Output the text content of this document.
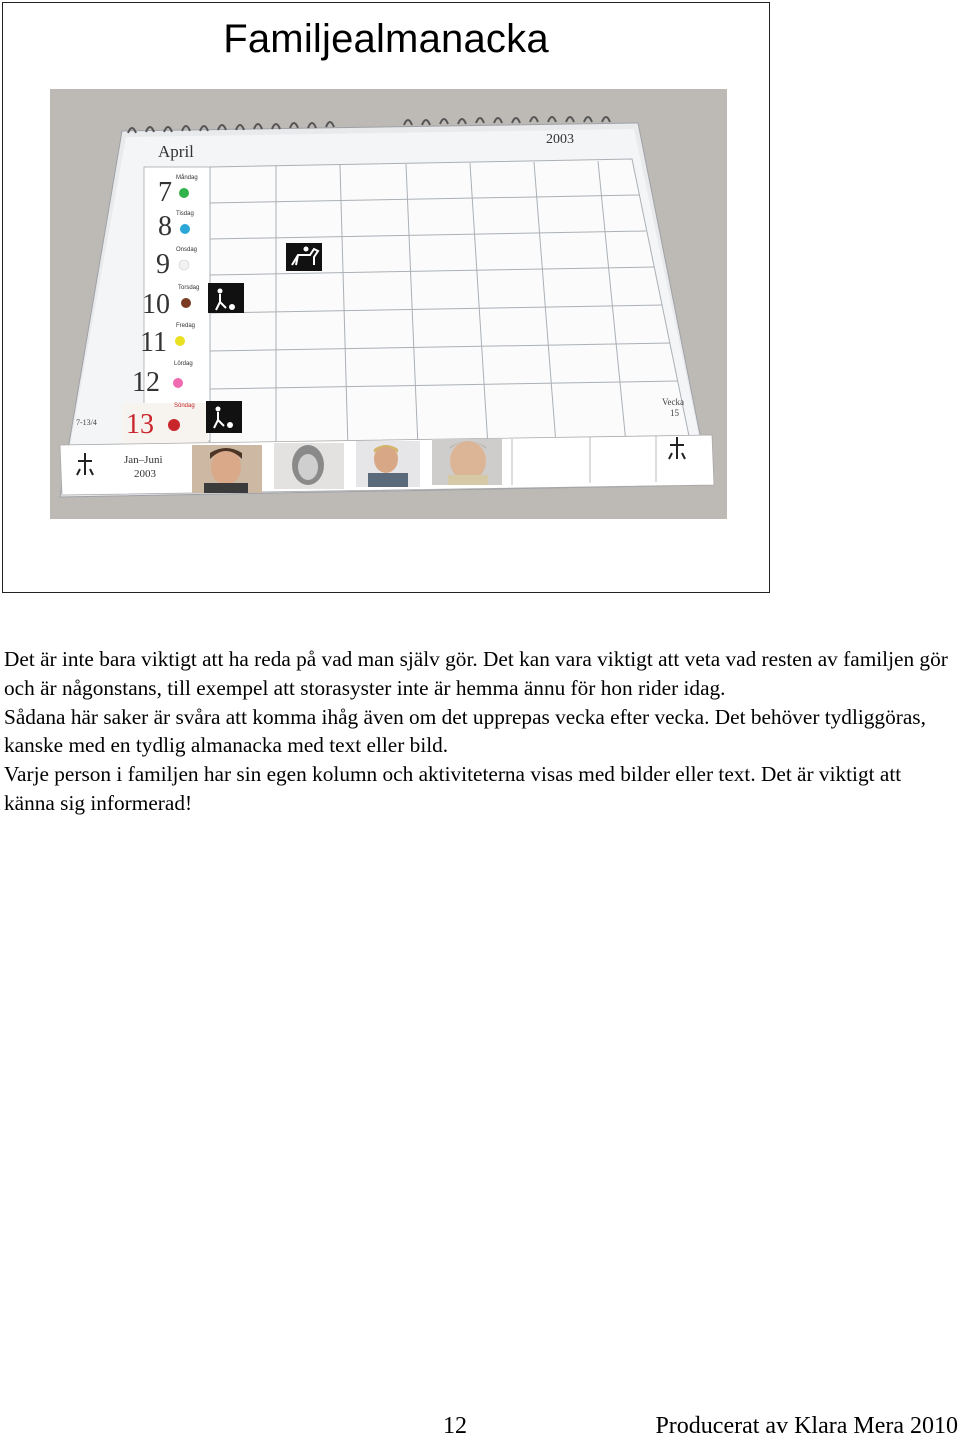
Familjealmanacka
April
2003
7 Måndag
8 Tisdag
9 Onsdag
10
Torsdag
11
Fredag
12
Lördag
13
Söndag
7-13/4
Vecka
15
Jan–Juni
2003

Det är inte bara viktigt att ha reda på vad man själv gör. Det kan vara viktigt att veta vad resten av familjen gör och är någonstans, till exempel att storasyster inte är hemma ännu för hon rider idag.

Sådana här saker är svåra att komma ihåg även om det upprepas vecka efter vecka. Det behöver tydliggöras, kanske med en tydlig almanacka med text eller bild.

Varje person i familjen har sin egen kolumn och aktiviteterna visas med bilder eller text. Det är viktigt att känna sig informerad!

12	Producerat av Klara Mera 2010
